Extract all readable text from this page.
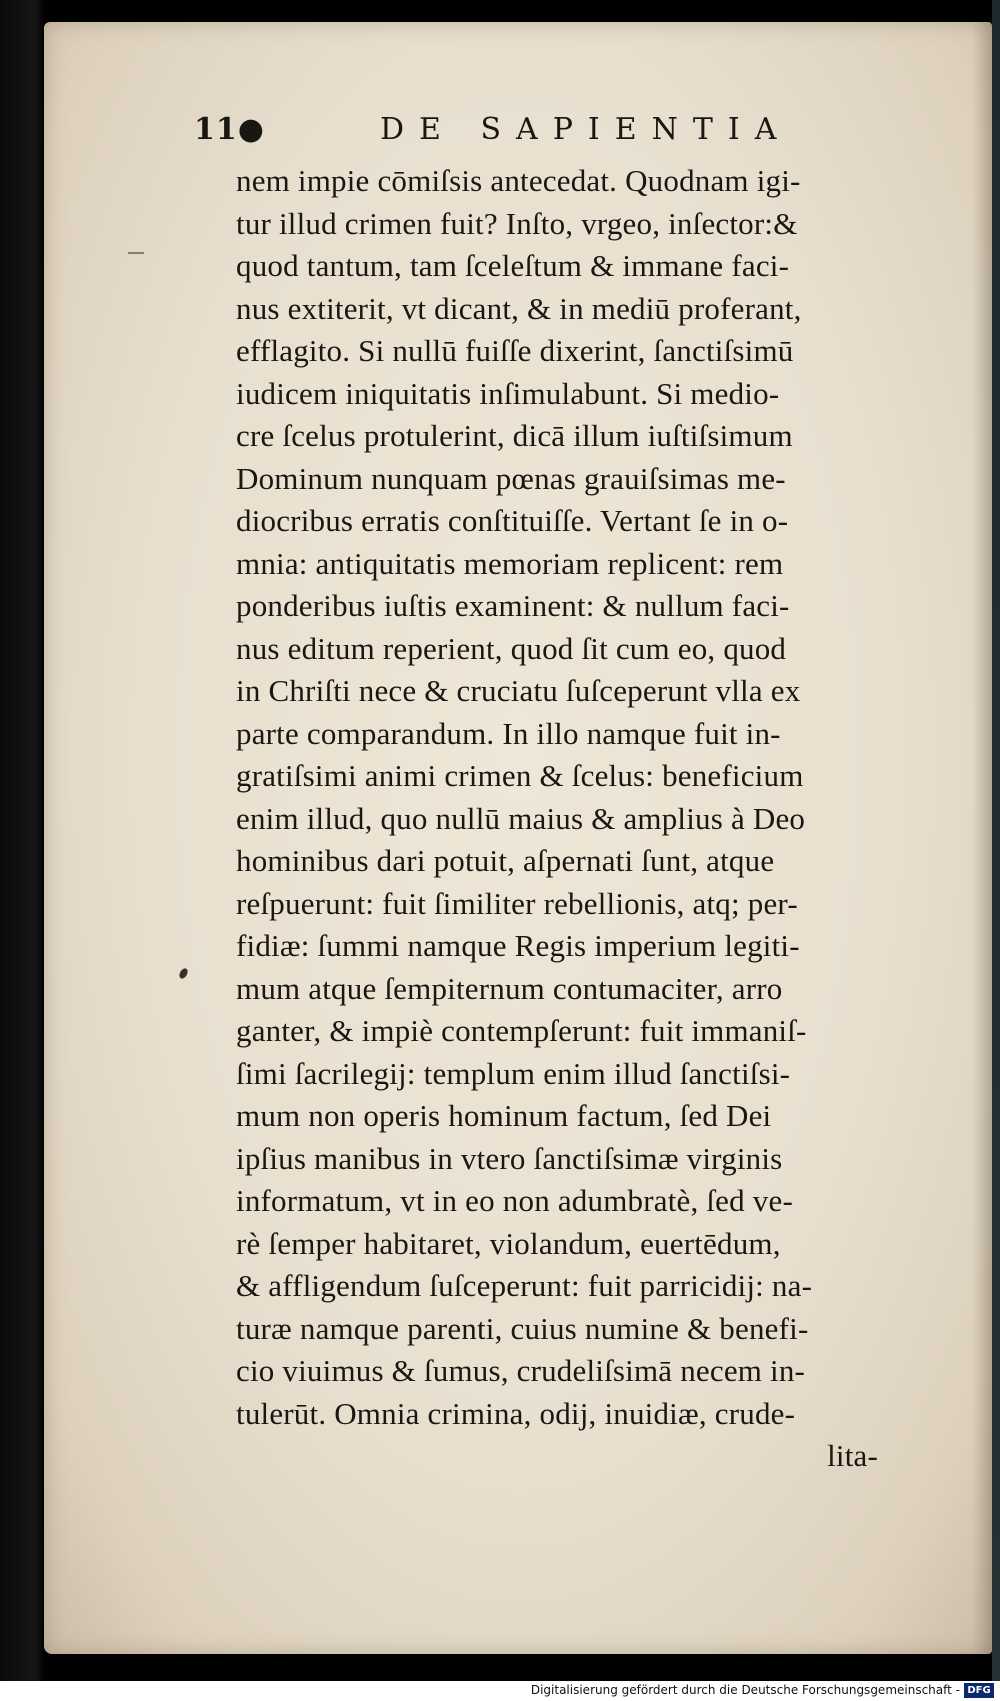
11●	DE SAPIENTIA
nem impie cōmiſsis antecedat. Quodnam igi-
tur illud crimen fuit? Inſto, vrgeo, inſector:&
quod tantum, tam ſceleſtum & immane faci-
nus extiterit, vt dicant, & in mediū proferant,
efflagito. Si nullū fuiſſe dixerint, ſanctiſsimū
iudicem iniquitatis inſimulabunt. Si medio-
cre ſcelus protulerint, dicā illum iuſtiſsimum
Dominum nunquam pœnas grauiſsimas me-
diocribus erratis conſtituiſſe. Vertant ſe in o-
mnia: antiquitatis memoriam replicent: rem
ponderibus iuſtis examinent: & nullum faci-
nus editum reperient, quod ſit cum eo, quod
in Chriſti nece & cruciatu ſuſceperunt vlla ex
parte comparandum. In illo namque fuit in-
gratiſsimi animi crimen & ſcelus: beneficium
enim illud, quo nullū maius & amplius à Deo
hominibus dari potuit, aſpernati ſunt, atque
reſpuerunt: fuit ſimiliter rebellionis, atq; per-
fidiæ: ſummi namque Regis imperium legiti-
mum atque ſempiternum contumaciter, arro
ganter, & impiè contempſerunt: fuit immaniſ-
ſimi ſacrilegij: templum enim illud ſanctiſsi-
mum non operis hominum factum, ſed Dei
ipſius manibus in vtero ſanctiſsimæ virginis
informatum, vt in eo non adumbratè, ſed ve-
rè ſemper habitaret, violandum, euertēdum,
& affligendum ſuſceperunt: fuit parricidij: na-
turæ namque parenti, cuius numine & benefi-
cio viuimus & ſumus, crudeliſsimā necem in-
tulerūt. Omnia crimina, odij, inuidiæ, crude-
lita-
Digitalisierung gefördert durch die Deutsche Forschungsgemeinschaft - DFG
